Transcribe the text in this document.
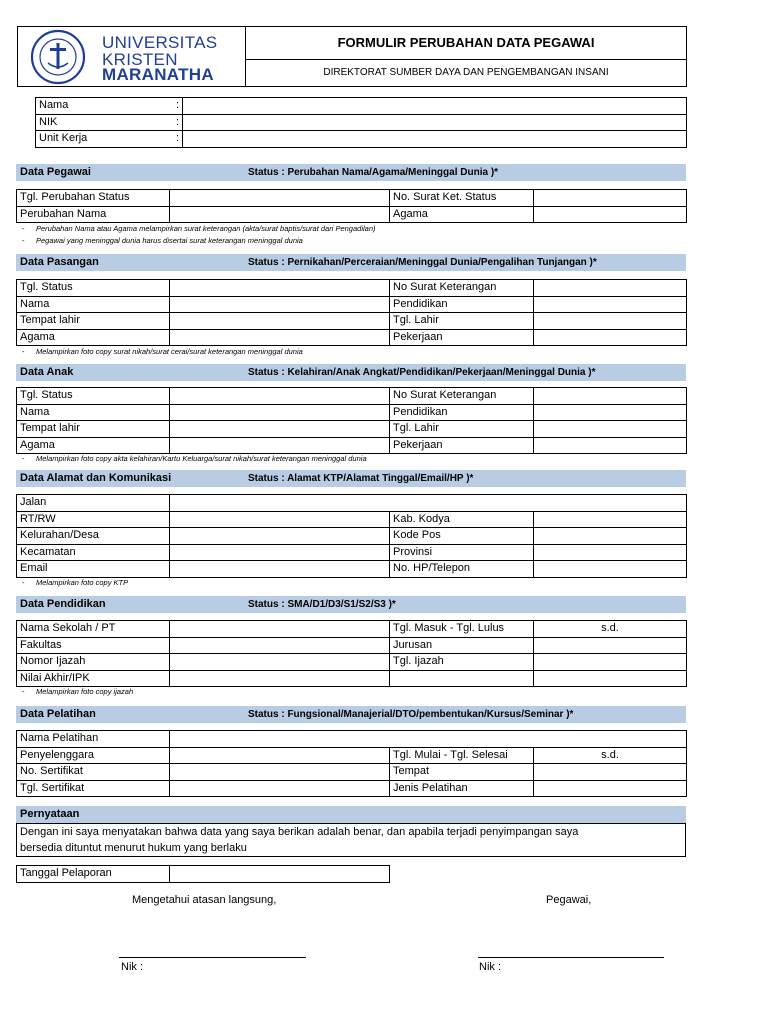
UNIVERSITAS
KRISTEN
MARANATHA
FORMULIR PERUBAHAN DATA PEGAWAI
DIREKTORAT SUMBER DAYA DAN PENGEMBANGAN INSANI
Nama :	

NIK :	

Unit Kerja :	

Data Pegawai	Status : Perubahan Nama/Agama/Meninggal Dunia )*
Tgl. Perubahan Status		No. Surat Ket. Status	
Perubahan Nama		Agama	
- Perubahan Nama atau Agama melampirkan surat keterangan (akta/surat baptis/surat dari Pengadilan)
- Pegawai yang meninggal dunia harus disertai surat keterangan meninggal dunia
Data Pasangan	Status : Pernikahan/Perceraian/Meninggal Dunia/Pengalihan Tunjangan )*
Tgl. Status		No Surat Keterangan	
Nama		Pendidikan	
Tempat lahir		Tgl. Lahir	
Agama		Pekerjaan	
- Melampirkan foto copy surat nikah/surat cerai/surat keterangan meninggal dunia
Data Anak	Status : Kelahiran/Anak Angkat/Pendidikan/Pekerjaan/Meninggal Dunia )*
Tgl. Status		No Surat Keterangan	
Nama		Pendidikan	
Tempat lahir		Tgl. Lahir	
Agama		Pekerjaan	
- Melampirkan foto copy akta kelahiran/Kartu Keluarga/surat nikah/surat keterangan meninggal dunia
Data Alamat dan Komunikasi	Status : Alamat KTP/Alamat Tinggal/Email/HP )*
Jalan			
RT/RW		Kab. Kodya	
Kelurahan/Desa		Kode Pos	
Kecamatan		Provinsi	
Email		No. HP/Telepon	
- Melampirkan foto copy KTP
Data Pendidikan	Status : SMA/D1/D3/S1/S2/S3 )*
Nama Sekolah / PT		Tgl. Masuk - Tgl. Lulus	s.d.
Fakultas		Jurusan	
Nomor Ijazah		Tgl. Ijazah	
Nilai Akhir/IPK			
- Melampirkan foto copy ijazah
Data Pelatihan	Status : Fungsional/Manajerial/DTO/pembentukan/Kursus/Seminar )*
Nama Pelatihan			
Penyelenggara		Tgl. Mulai - Tgl. Selesai	s.d.
No. Sertifikat		Tempat	
Tgl. Sertifikat		Jenis Pelatihan	
Pernyataan
Dengan ini saya menyatakan bahwa data yang saya berikan adalah benar, dan apabila terjadi penyimpangan saya
bersedia dituntut menurut hukum yang berlaku
Tanggal Pelaporan	
Mengetahui atasan langsung,	Pegawai,
Nik :	Nik :
